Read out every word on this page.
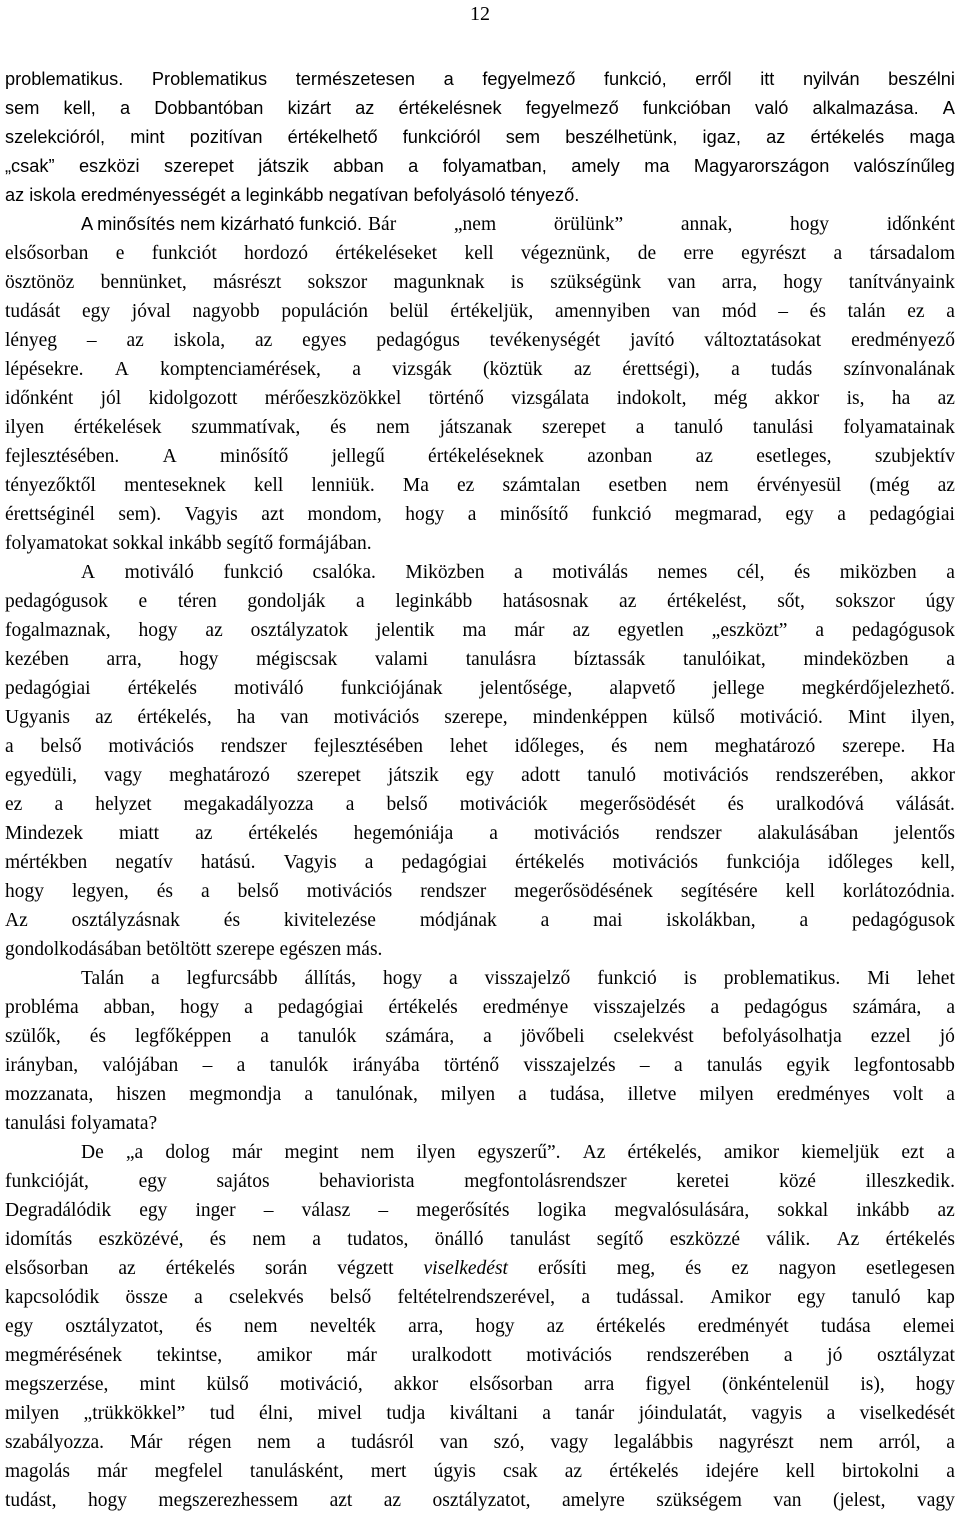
12
problematikus. Problematikus természetesen a fegyelmező funkció, erről itt nyilván beszélni
sem kell, a Dobbantóban kizárt az értékelésnek fegyelmező funkcióban való alkalmazása. A
szelekcióról, mint pozitívan értékelhető funkcióról sem beszélhetünk, igaz, az értékelés maga
„csak” eszközi szerepet játszik abban a folyamatban, amely ma Magyarországon valószínűleg
az iskola eredményességét a leginkább negatívan befolyásoló tényező.
A minősítés nem kizárható funkció. Bár „nem örülünk” annak, hogy időnként
elsősorban e funkciót hordozó értékeléseket kell végeznünk, de erre egyrészt a társadalom
ösztönöz bennünket, másrészt sokszor magunknak is szükségünk van arra, hogy tanítványaink
tudását egy jóval nagyobb populáción belül értékeljük, amennyiben van mód – és talán ez a
lényeg – az iskola, az egyes pedagógus tevékenységét javító változtatásokat eredményező
lépésekre. A komptenciamérések, a vizsgák (köztük az érettségi), a tudás színvonalának
időnként jól kidolgozott mérőeszközökkel történő vizsgálata indokolt, még akkor is, ha az
ilyen értékelések szummatívak, és nem játszanak szerepet a tanuló tanulási folyamatainak
fejlesztésében. A minősítő jellegű értékeléseknek azonban az esetleges, szubjektív
tényezőktől menteseknek kell lenniük. Ma ez számtalan esetben nem érvényesül (még az
érettséginél sem). Vagyis azt mondom, hogy a minősítő funkció megmarad, egy a pedagógiai
folyamatokat sokkal inkább segítő formájában.
A motiváló funkció csalóka. Miközben a motiválás nemes cél, és miközben a
pedagógusok e téren gondolják a leginkább hatásosnak az értékelést, sőt, sokszor úgy
fogalmaznak, hogy az osztályzatok jelentik ma már az egyetlen „eszközt” a pedagógusok
kezében arra, hogy mégiscsak valami tanulásra bíztassák tanulóikat, mindeközben a
pedagógiai értékelés motiváló funkciójának jelentősége, alapvető jellege megkérdőjelezhető.
Ugyanis az értékelés, ha van motivációs szerepe, mindenképpen külső motiváció. Mint ilyen,
a belső motivációs rendszer fejlesztésében lehet időleges, és nem meghatározó szerepe. Ha
egyedüli, vagy meghatározó szerepet játszik egy adott tanuló motivációs rendszerében, akkor
ez a helyzet megakadályozza a belső motivációk megerősödését és uralkodóvá válását.
Mindezek miatt az értékelés hegemóniája a motivációs rendszer alakulásában jelentős
mértékben negatív hatású. Vagyis a pedagógiai értékelés motivációs funkciója időleges kell,
hogy legyen, és a belső motivációs rendszer megerősödésének segítésére kell korlátozódnia.
Az osztályzásnak és kivitelezése módjának a mai iskolákban, a pedagógusok
gondolkodásában betöltött szerepe egészen más.
Talán a legfurcsább állítás, hogy a visszajelző funkció is problematikus. Mi lehet
probléma abban, hogy a pedagógiai értékelés eredménye visszajelzés a pedagógus számára, a
szülők, és legfőképpen a tanulók számára, a jövőbeli cselekvést befolyásolhatja ezzel jó
irányban, valójában – a tanulók irányába történő visszajelzés – a tanulás egyik legfontosabb
mozzanata, hiszen megmondja a tanulónak, milyen a tudása, illetve milyen eredményes volt a
tanulási folyamata?
De „a dolog már megint nem ilyen egyszerű”. Az értékelés, amikor kiemeljük ezt a
funkcióját,	egy	sajátos	behaviorista	megfontolásrendszer	keretei	közé	illeszkedik.
Degradálódik egy inger – válasz – megerősítés logika megvalósulására, sokkal inkább az
idomítás eszközévé, és nem a tudatos, önálló tanulást segítő eszközzé válik. Az értékelés
elsősorban az értékelés során végzett viselkedést erősíti meg, és ez nagyon esetlegesen
kapcsolódik össze a cselekvés belső feltételrendszerével, a tudással. Amikor egy tanuló kap
egy osztályzatot, és nem nevelték arra, hogy az értékelés eredményét tudása elemei
megmérésének tekintse, amikor már uralkodott motivációs rendszerében a jó osztályzat
megszerzése, mint külső motiváció, akkor elsősorban arra figyel (önkéntelenül is), hogy
milyen „trükkökkel” tud élni, mivel tudja kiváltani a tanár jóindulatát, vagyis a viselkedését
szabályozza. Már régen nem a tudásról van szó, vagy legalábbis nagyrészt nem arról, a
magolás már megfelel tanulásként, mert úgyis csak az értékelés idejére kell birtokolni a
tudást, hogy megszerezhessem azt az osztályzatot, amelyre szükségem van (jelest, vagy
